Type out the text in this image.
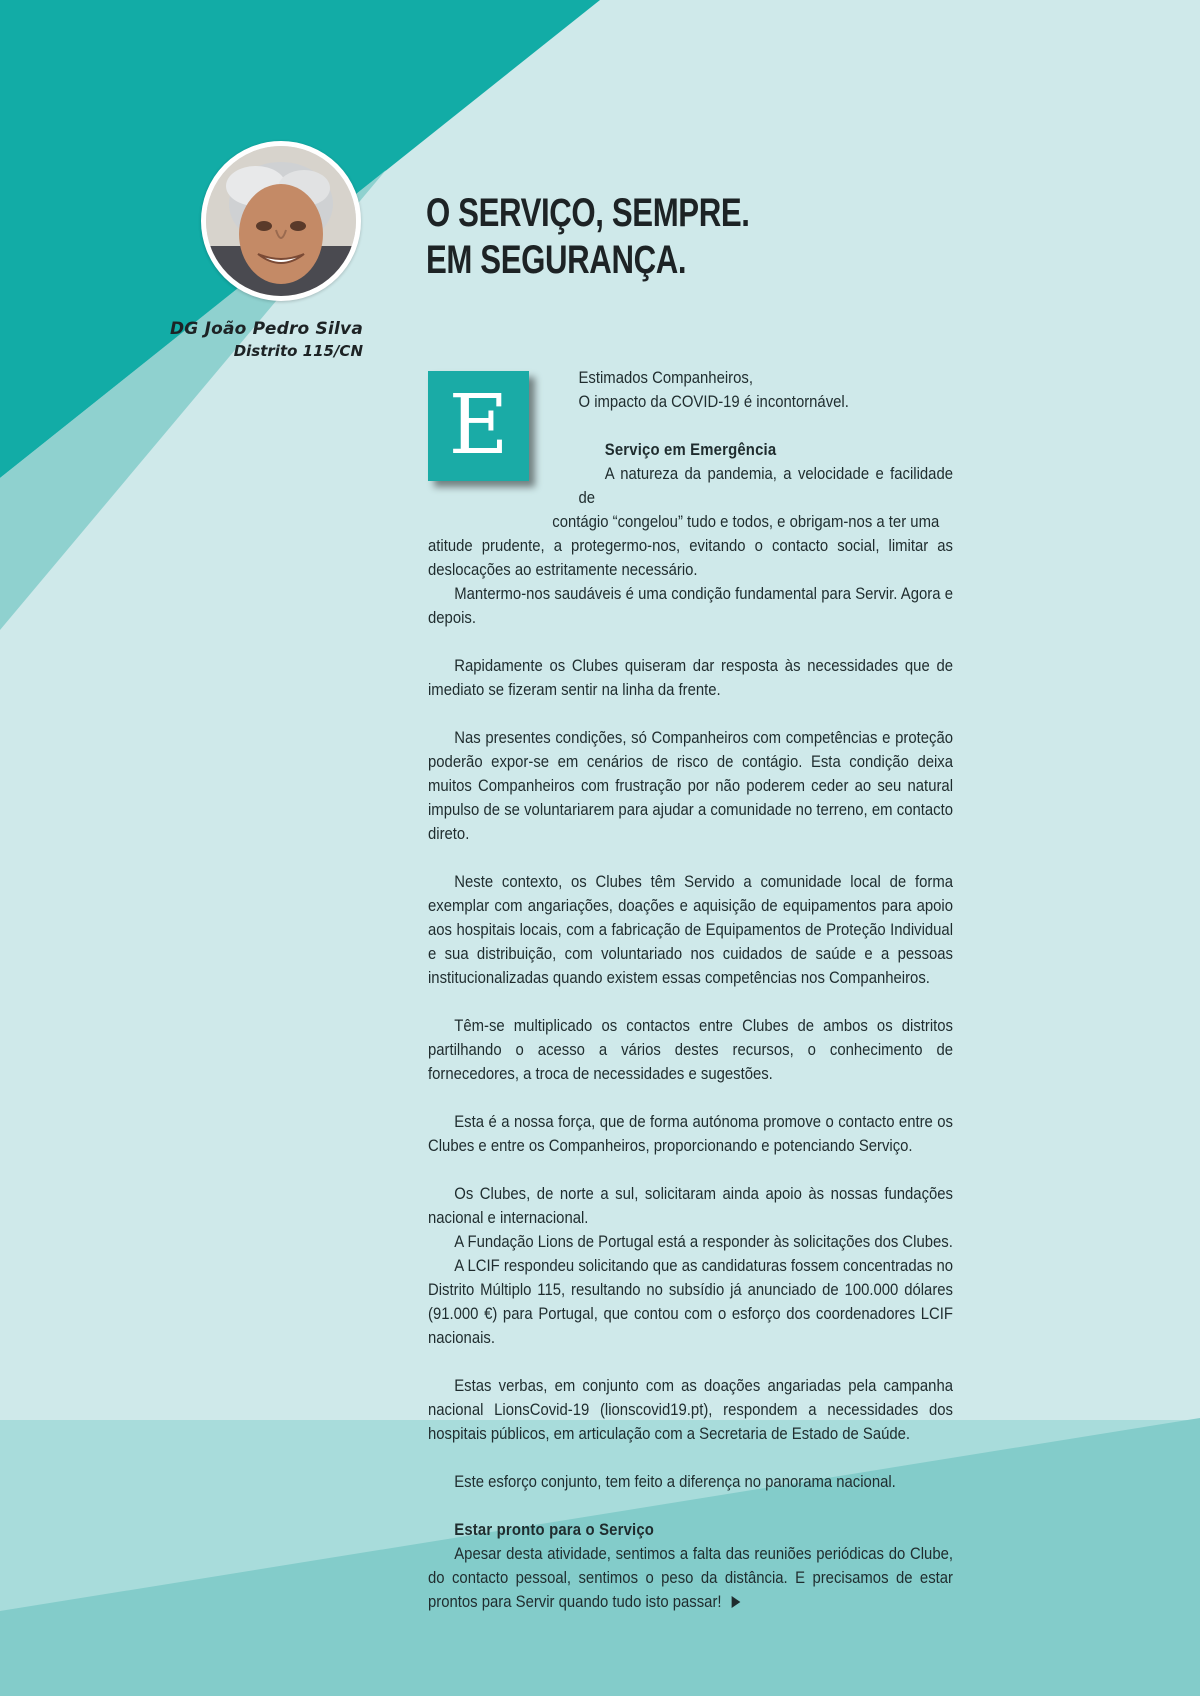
DG João Pedro Silva
Distrito 115/CN
O SERVIÇO, SEMPRE.
EM SEGURANÇA.
E

Estimados Companheiros,

O impacto da COVID-19 é incontornável.

Serviço em Emergência

A natureza da pandemia, a velocidade e facilidade de

contágio “congelou” tudo e todos, e obrigam-nos a ter uma

atitude prudente, a protegermo-nos, evitando o contacto social, limitar as deslocações ao estritamente necessário.

Mantermo-nos saudáveis é uma condição fundamental para Servir. Agora e depois.

Rapidamente os Clubes quiseram dar resposta às necessidades que de imediato se fizeram sentir na linha da frente.

Nas presentes condições, só Companheiros com competências e proteção poderão expor-se em cenários de risco de contágio. Esta condição deixa muitos Companheiros com frustração por não poderem ceder ao seu natural impulso de se voluntariarem para ajudar a comunidade no terreno, em contacto direto.

Neste contexto, os Clubes têm Servido a comunidade local de forma exemplar com angariações, doações e aquisição de equipamentos para apoio aos hospitais locais, com a fabricação de Equipamentos de Proteção Individual e sua distribuição, com voluntariado nos cuidados de saúde e a pessoas institucionalizadas quando existem essas competências nos Companheiros.

Têm-se multiplicado os contactos entre Clubes de ambos os distritos partilhando o acesso a vários destes recursos, o conhecimento de fornecedores, a troca de necessidades e sugestões.

Esta é a nossa força, que de forma autónoma promove o contacto entre os Clubes e entre os Companheiros, proporcionando e potenciando Serviço.

Os Clubes, de norte a sul, solicitaram ainda apoio às nossas fundações nacional e internacional.

A Fundação Lions de Portugal está a responder às solicitações dos Clubes.

A LCIF respondeu solicitando que as candidaturas fossem concentradas no Distrito Múltiplo 115, resultando no subsídio já anunciado de 100.000 dólares (91.000 €) para Portugal, que contou com o esforço dos coordenadores LCIF nacionais.

Estas verbas, em conjunto com as doações angariadas pela campanha nacional LionsCovid-19 (lionscovid19.pt), respondem a necessidades dos hospitais públicos, em articulação com a Secretaria de Estado de Saúde.

Este esforço conjunto, tem feito a diferença no panorama nacional.

Estar pronto para o Serviço

Apesar desta atividade, sentimos a falta das reuniões periódicas do Clube, do contacto pessoal, sentimos o peso da distância. E precisamos de estar prontos para Servir quando tudo isto passar!
